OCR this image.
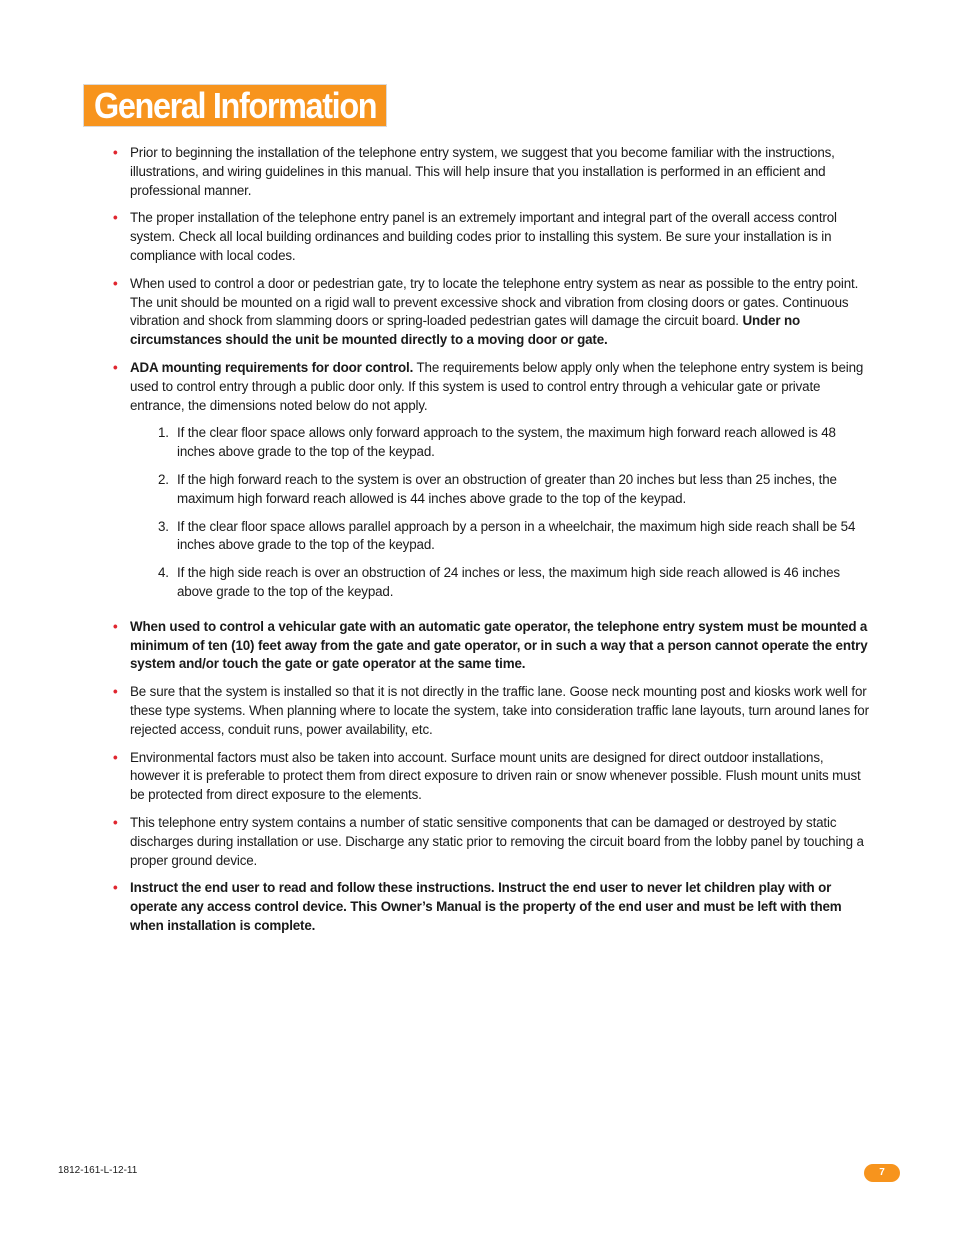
General Information
• Prior to beginning the installation of the telephone entry system, we suggest that you become familiar with the instructions, illustrations, and wiring guidelines in this manual. This will help insure that you installation is performed in an efficient and professional manner.
• The proper installation of the telephone entry panel is an extremely important and integral part of the overall access control system. Check all local building ordinances and building codes prior to installing this system. Be sure your installation is in compliance with local codes.
• When used to control a door or pedestrian gate, try to locate the telephone entry system as near as possible to the entry point. The unit should be mounted on a rigid wall to prevent excessive shock and vibration from closing doors or gates. Continuous vibration and shock from slamming doors or spring-loaded pedestrian gates will damage the circuit board. Under no circumstances should the unit be mounted directly to a moving door or gate.
• ADA mounting requirements for door control. The requirements below apply only when the telephone entry system is being used to control entry through a public door only. If this system is used to control entry through a vehicular gate or private entrance, the dimensions noted below do not apply.
1. If the clear floor space allows only forward approach to the system, the maximum high forward reach allowed is 48 inches above grade to the top of the keypad.
2. If the high forward reach to the system is over an obstruction of greater than 20 inches but less than 25 inches, the maximum high forward reach allowed is 44 inches above grade to the top of the keypad.
3. If the clear floor space allows parallel approach by a person in a wheelchair, the maximum high side reach shall be 54 inches above grade to the top of the keypad.
4. If the high side reach is over an obstruction of 24 inches or less, the maximum high side reach allowed is 46 inches above grade to the top of the keypad.
• When used to control a vehicular gate with an automatic gate operator, the telephone entry system must be mounted a minimum of ten (10) feet away from the gate and gate operator, or in such a way that a person cannot operate the entry system and/or touch the gate or gate operator at the same time.
• Be sure that the system is installed so that it is not directly in the traffic lane. Goose neck mounting post and kiosks work well for these type systems. When planning where to locate the system, take into consideration traffic lane layouts, turn around lanes for rejected access, conduit runs, power availability, etc.
• Environmental factors must also be taken into account. Surface mount units are designed for direct outdoor installations, however it is preferable to protect them from direct exposure to driven rain or snow whenever possible. Flush mount units must be protected from direct exposure to the elements.
• This telephone entry system contains a number of static sensitive components that can be damaged or destroyed by static discharges during installation or use. Discharge any static prior to removing the circuit board from the lobby panel by touching a proper ground device.
• Instruct the end user to read and follow these instructions. Instruct the end user to never let children play with or operate any access control device. This Owner’s Manual is the property of the end user and must be left with them when installation is complete.
1812-161-L-12-11	7
